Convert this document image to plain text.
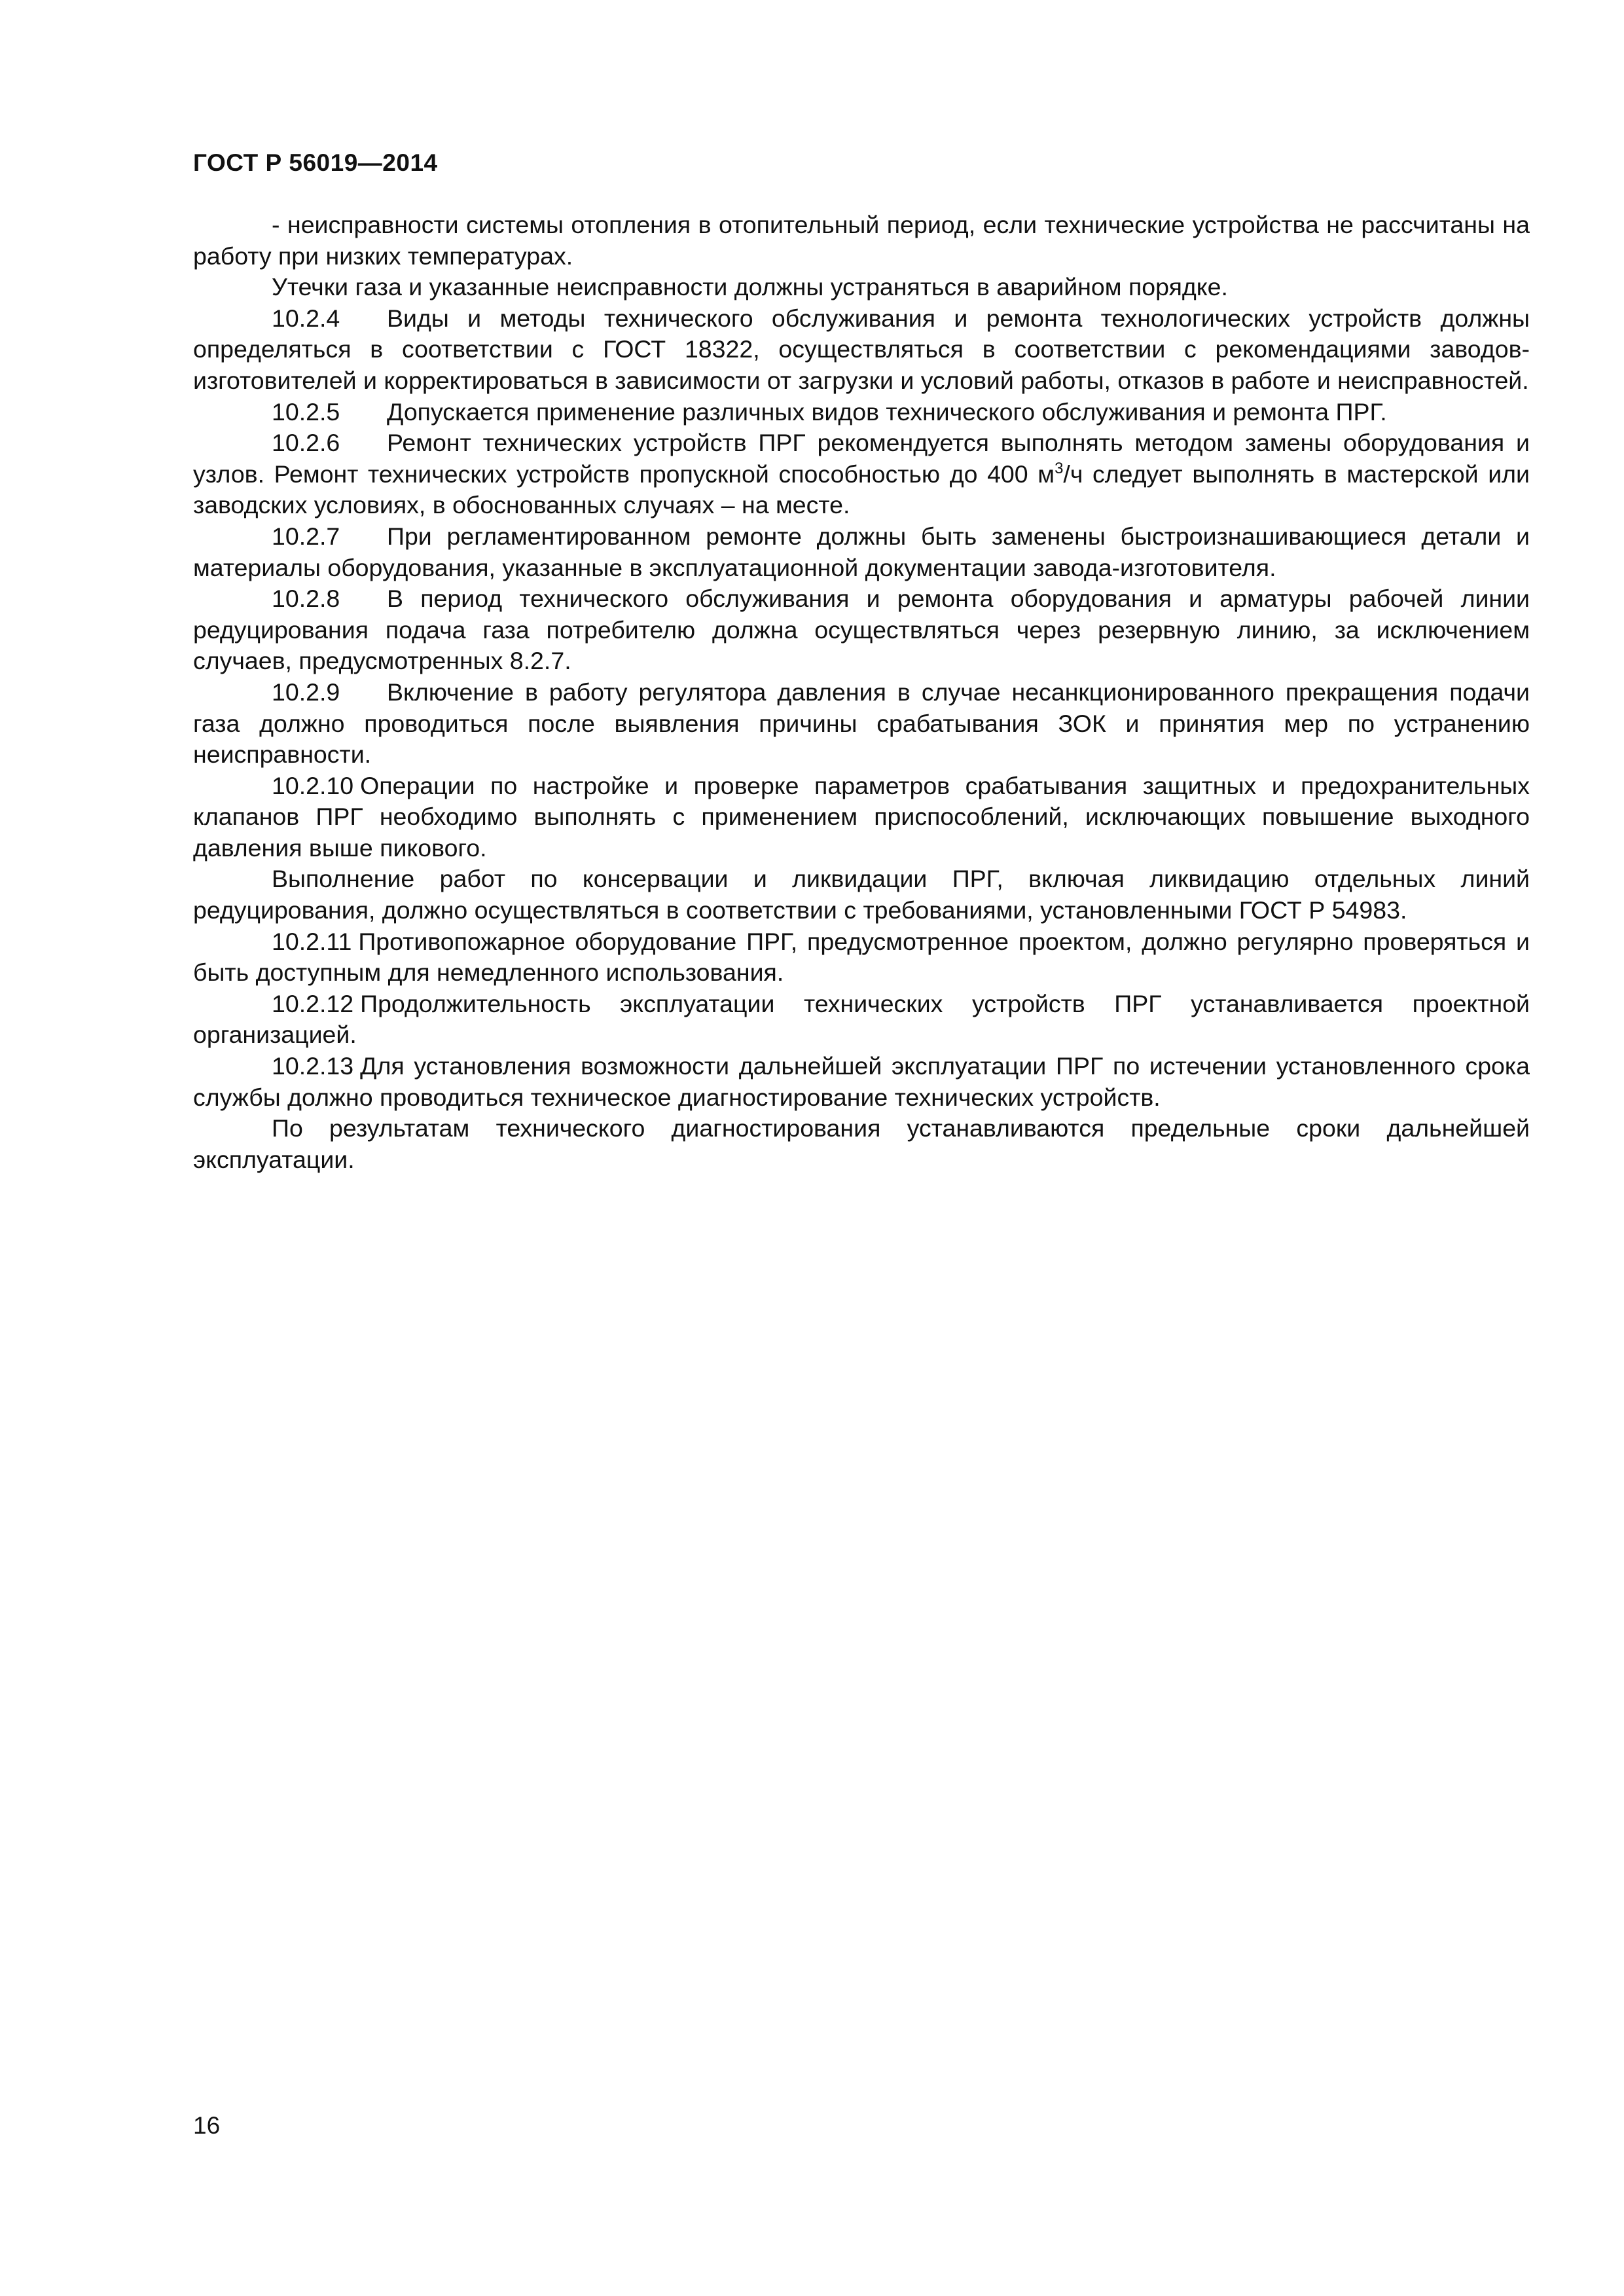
ГОСТ Р 56019—2014

- неисправности системы отопления в отопительный период, если технические устройства не рассчитаны на работу при низких температурах.

Утечки газа и указанные неисправности должны устраняться в аварийном порядке.

10.2.4 Виды и методы технического обслуживания и ремонта технологических устройств должны определяться в соответствии с ГОСТ 18322, осуществляться в соответствии с рекомендациями заводов-изготовителей и корректироваться в зависимости от загрузки и условий работы, отказов в работе и неисправностей.

10.2.5 Допускается применение различных видов технического обслуживания и ремонта ПРГ.

10.2.6 Ремонт технических устройств ПРГ рекомендуется выполнять методом замены оборудования и узлов. Ремонт технических устройств пропускной способностью до 400 $м^3/ч$ следует выполнять в мастерской или заводских условиях, в обоснованных случаях – на месте.

10.2.7 При регламентированном ремонте должны быть заменены быстроизнашивающиеся детали и материалы оборудования, указанные в эксплуатационной документации завода-изготовителя.

10.2.8 В период технического обслуживания и ремонта оборудования и арматуры рабочей линии редуцирования подача газа потребителю должна осуществляться через резервную линию, за исключением случаев, предусмотренных 8.2.7.

10.2.9 Включение в работу регулятора давления в случае несанкционированного прекращения подачи газа должно проводиться после выявления причины срабатывания ЗОК и принятия мер по устранению неисправности.

10.2.10 Операции по настройке и проверке параметров срабатывания защитных и предохранительных клапанов ПРГ необходимо выполнять с применением приспособлений, исключающих повышение выходного давления выше пикового.

Выполнение работ по консервации и ликвидации ПРГ, включая ликвидацию отдельных линий редуцирования, должно осуществляться в соответствии с требованиями, установленными ГОСТ Р 54983.

10.2.11 Противопожарное оборудование ПРГ, предусмотренное проектом, должно регулярно проверяться и быть доступным для немедленного использования.

10.2.12 Продолжительность эксплуатации технических устройств ПРГ устанавливается проектной организацией.

10.2.13 Для установления возможности дальнейшей эксплуатации ПРГ по истечении установленного срока службы должно проводиться техническое диагностирование технических устройств.

По результатам технического диагностирования устанавливаются предельные сроки дальнейшей эксплуатации.

16
